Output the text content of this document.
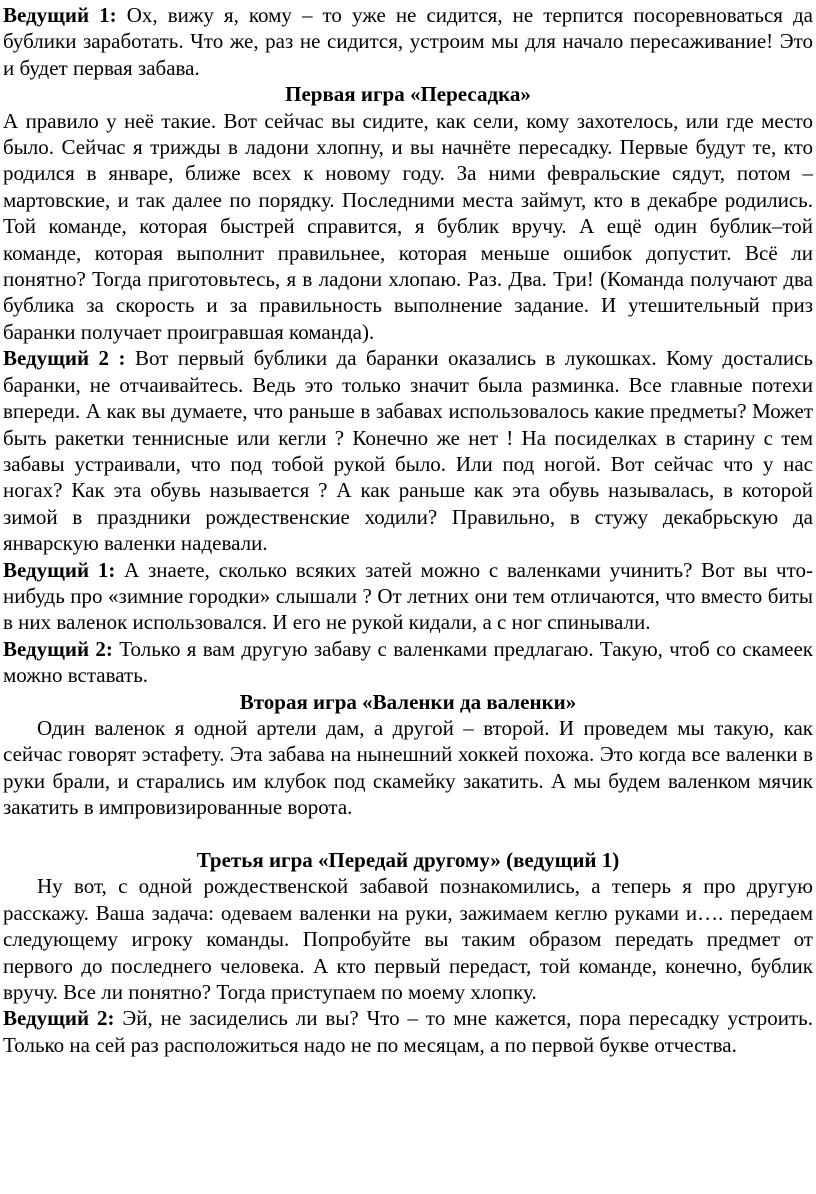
Ведущий 1: Ох, вижу я, кому – то уже не сидится, не терпится посоревноваться да бублики заработать. Что же, раз не сидится, устроим мы для начало пересаживание! Это и будет первая забава.

Первая игра «Пересадка»

А правило у неё такие. Вот сейчас вы сидите, как сели, кому захотелось, или где место было. Сейчас я трижды в ладони хлопну, и вы начнёте пересадку. Первые будут те, кто родился в январе, ближе всех к новому году. За ними февральские сядут, потом – мартовские, и так далее по порядку. Последними места займут, кто в декабре родились. Той команде, которая быстрей справится, я бублик вручу. А ещё один бублик–той команде, которая выполнит правильнее, которая меньше ошибок допустит. Всё ли понятно? Тогда приготовьтесь, я в ладони хлопаю. Раз. Два. Три! (Команда получают два бублика за скорость и за правильность выполнение задание. И утешительный приз баранки получает проигравшая команда).

Ведущий 2 : Вот первый бублики да баранки оказались в лукошках. Кому достались баранки, не отчаивайтесь. Ведь это только значит была разминка. Все главные потехи впереди. А как вы думаете, что раньше в забавах использовалось какие предметы? Может быть ракетки теннисные или кегли ? Конечно же нет ! На посиделках в старину с тем забавы устраивали, что под тобой рукой было. Или под ногой. Вот сейчас что у нас ногах? Как эта обувь называется ? А как раньше как эта обувь называлась, в которой зимой в праздники рождественские ходили? Правильно, в стужу декабрьскую да январскую валенки надевали.

Ведущий 1: А знаете, сколько всяких затей можно с валенками учинить? Вот вы что-нибудь про «зимние городки» слышали ? От летних они тем отличаются, что вместо биты в них валенок использовался. И его не рукой кидали, а с ног спинывали.

Ведущий 2: Только я вам другую забаву с валенками предлагаю. Такую, чтоб со скамеек можно вставать.

Вторая игра «Валенки да валенки»

Один валенок я одной артели дам, а другой – второй. И проведем мы такую, как сейчас говорят эстафету. Эта забава на нынешний хоккей похожа. Это когда все валенки в руки брали, и старались им клубок под скамейку закатить. А мы будем валенком мячик закатить в импровизированные ворота.

Третья игра «Передай другому» (ведущий 1)

Ну вот, с одной рождественской забавой познакомились, а теперь я про другую расскажу. Ваша задача: одеваем валенки на руки, зажимаем кеглю руками и…. передаем следующему игроку команды. Попробуйте вы таким образом передать предмет от первого до последнего человека. А кто первый передаст, той команде, конечно, бублик вручу. Все ли понятно? Тогда приступаем по моему хлопку.

Ведущий 2: Эй, не засиделись ли вы? Что – то мне кажется, пора пересадку устроить. Только на сей раз расположиться надо не по месяцам, а по первой букве отчества.
